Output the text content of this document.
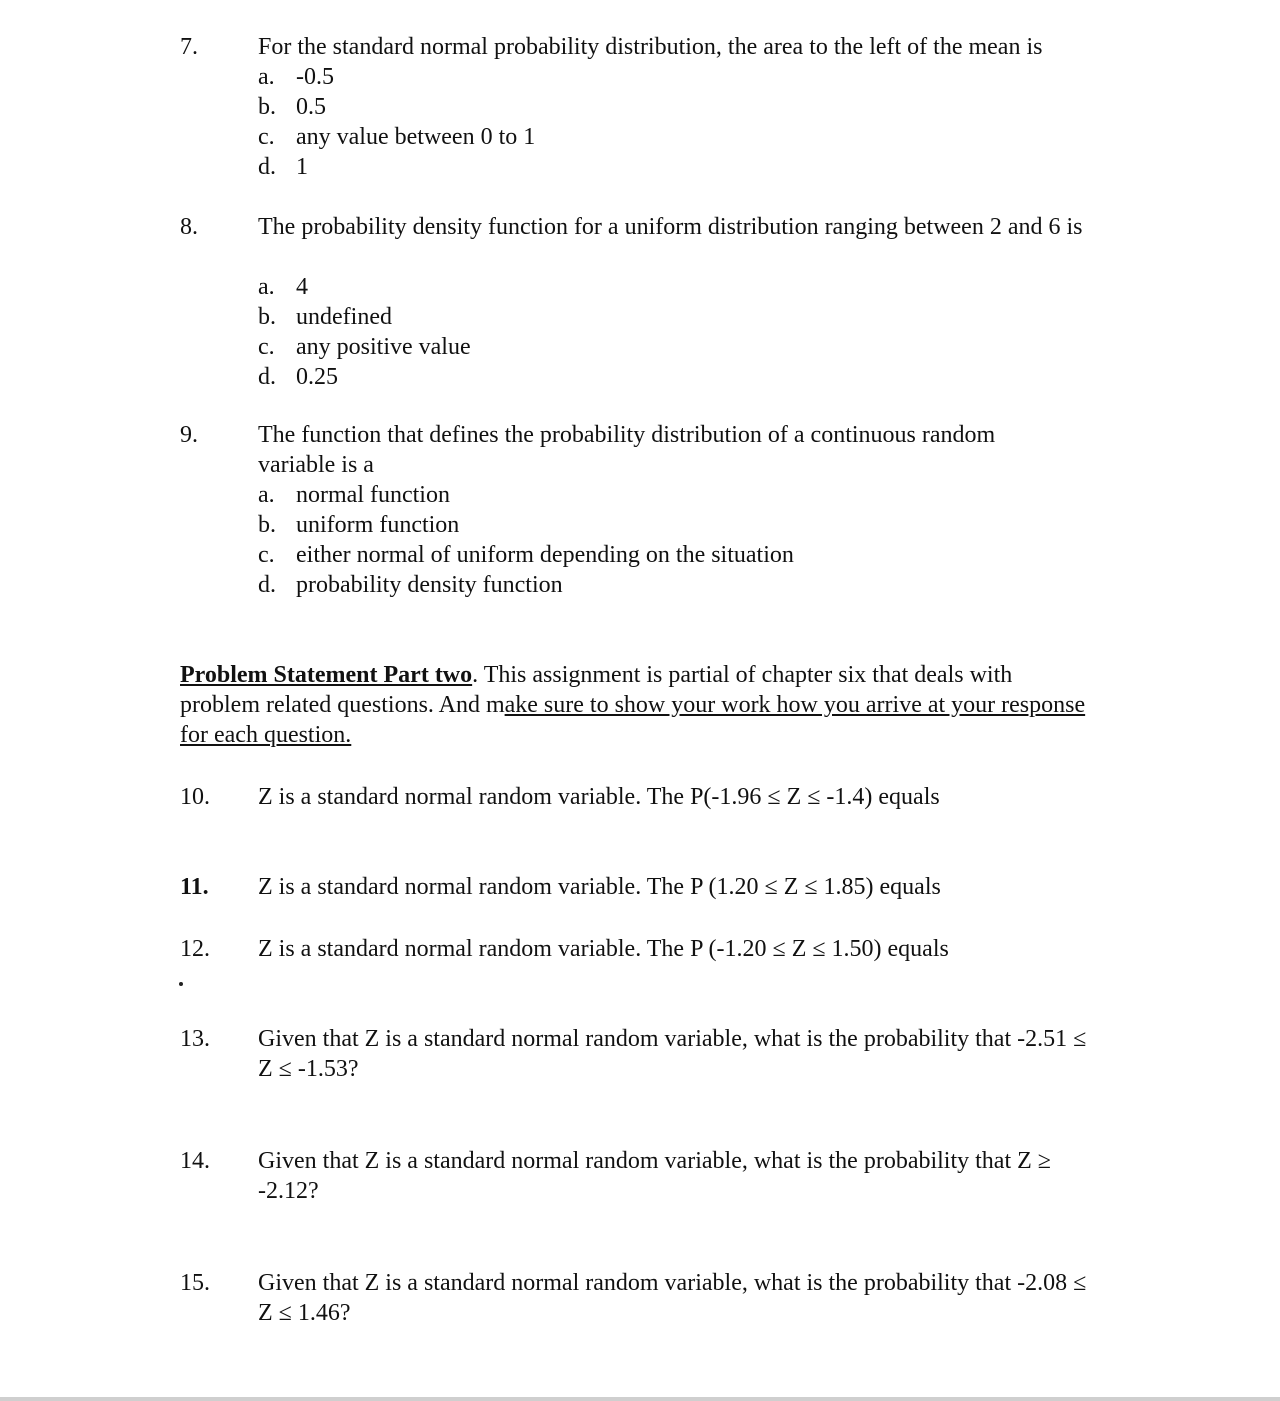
7.	For the standard normal probability distribution, the area to the left of the mean is
a. -0.5
b. 0.5
c. any value between 0 to 1
d. 1
8.	The probability density function for a uniform distribution ranging between 2 and 6 is
a. 4
b. undefined
c. any positive value
d. 0.25
9.	The function that defines the probability distribution of a continuous random variable is a
a. normal function
b. uniform function
c. either normal of uniform depending on the situation
d. probability density function
Problem Statement Part two. This assignment is partial of chapter six that deals with problem related questions. And make sure to show your work how you arrive at your response for each question.
10. Z is a standard normal random variable. The P(-1.96 ≤ Z ≤ -1.4) equals
11. Z is a standard normal random variable. The P (1.20 ≤ Z ≤ 1.85) equals
12. Z is a standard normal random variable. The P (-1.20 ≤ Z ≤ 1.50) equals
13. Given that Z is a standard normal random variable, what is the probability that -2.51 ≤ Z ≤ -1.53?
14. Given that Z is a standard normal random variable, what is the probability that Z ≥ -2.12?
15. Given that Z is a standard normal random variable, what is the probability that -2.08 ≤ Z ≤ 1.46?
